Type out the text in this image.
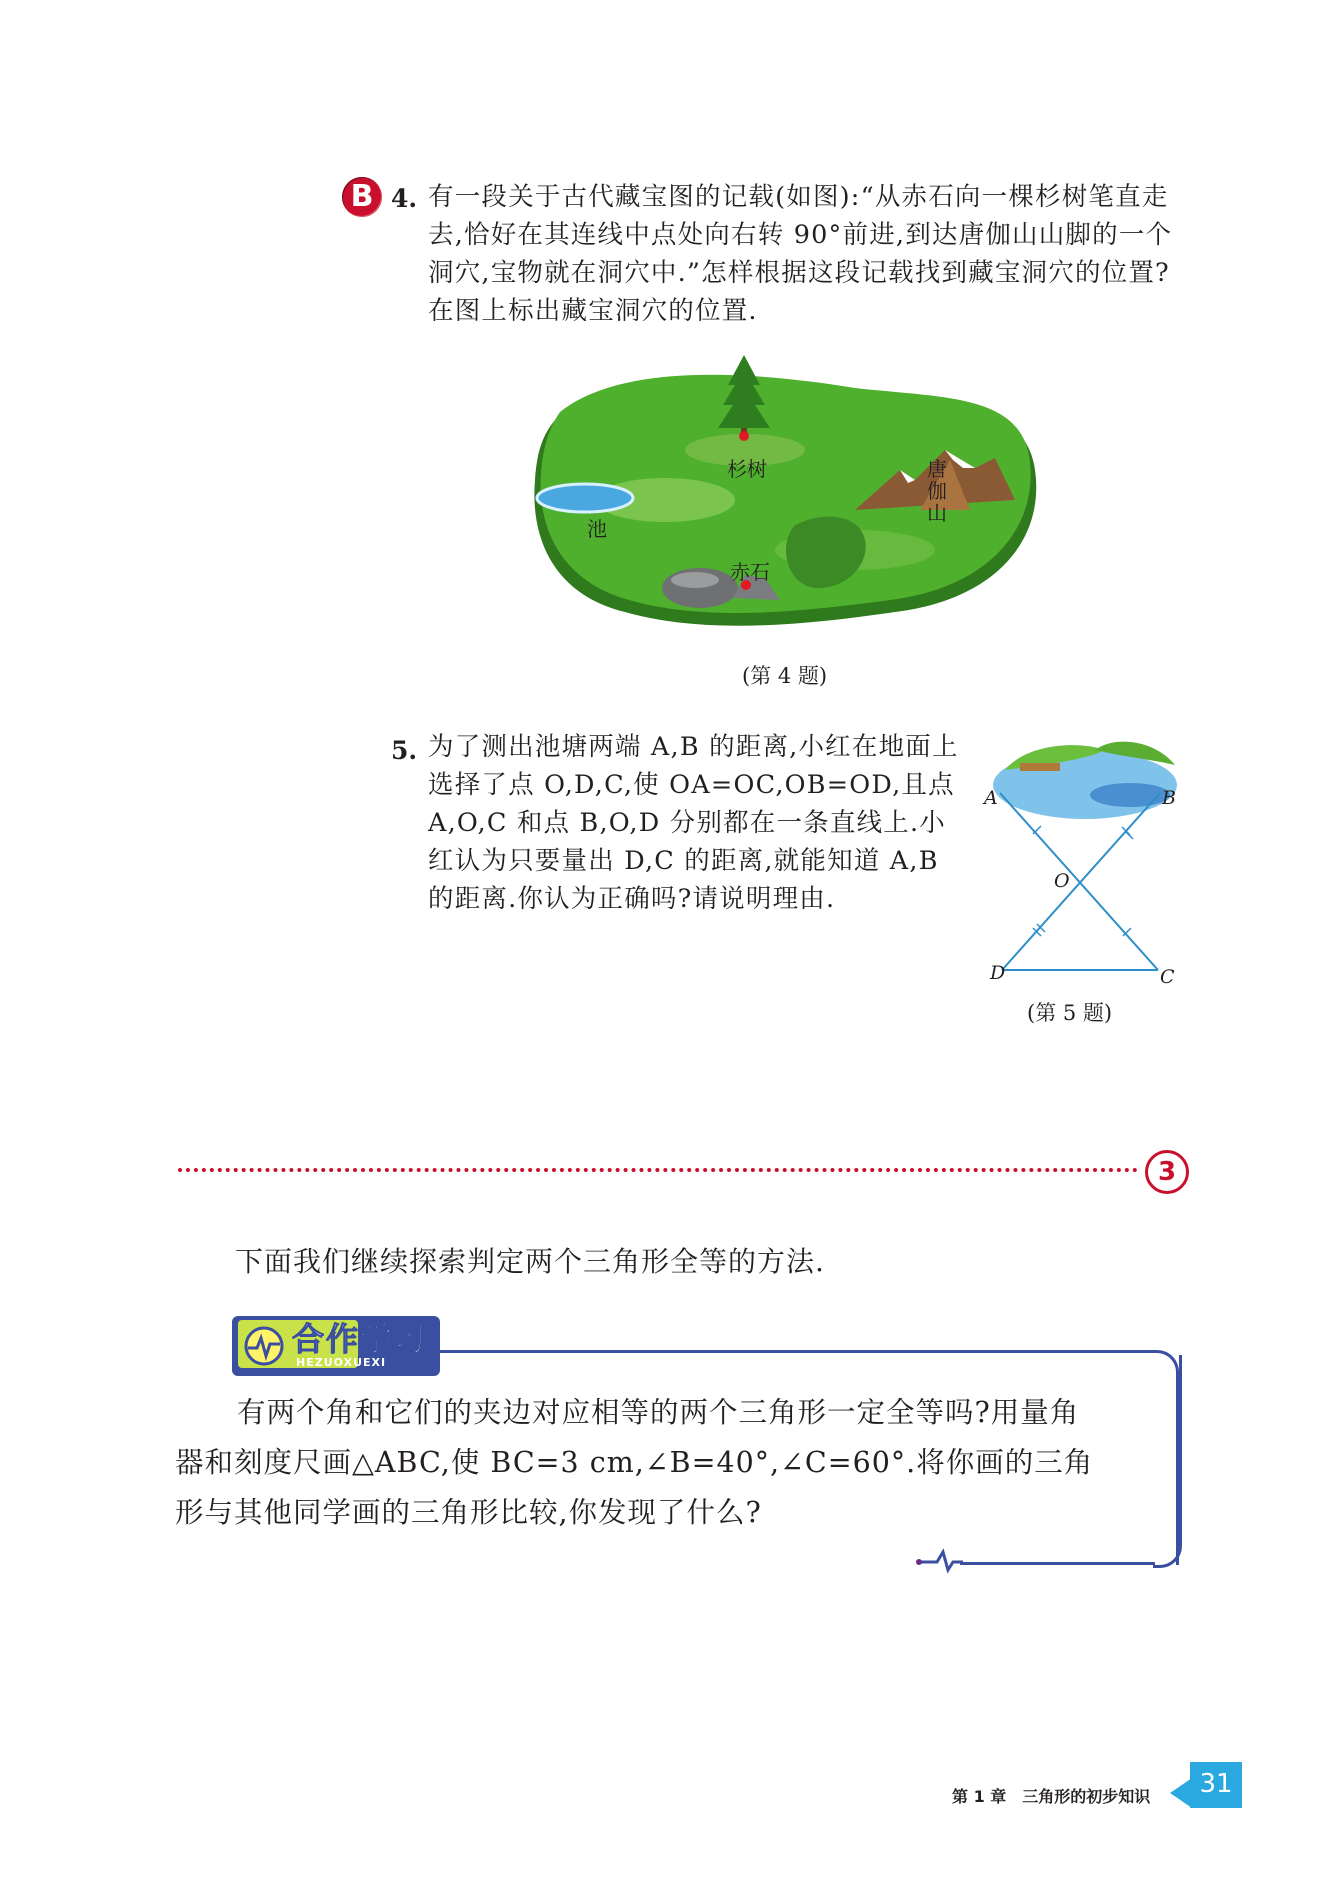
B 4. 有一段关于古代藏宝图的记载(如图):“从赤石向一棵杉树笔直走
去,恰好在其连线中点处向右转 90°前进,到达唐伽山山脚的一个
洞穴,宝物就在洞穴中.”怎样根据这段记载找到藏宝洞穴的位置?
在图上标出藏宝洞穴的位置.
杉树	唐
伽
山
池
赤石
(第 4 题)
5. 为了测出池塘两端 A,B 的距离,小红在地面上
选择了点 O,D,C,使 OA=OC,OB=OD,且点
A,O,C 和点 B,O,D 分别都在一条直线上.小
红认为只要量出 D,C 的距离,就能知道 A,B
的距离.你认为正确吗?请说明理由.
A	B
O
D	C
(第 5 题)
3
下面我们继续探索判定两个三角形全等的方法.
合作学习
HEZUOXUEXI
有两个角和它们的夹边对应相等的两个三角形一定全等吗?用量角
器和刻度尺画△ABC,使 BC=3 cm,∠B=40°,∠C=60°.将你画的三角
形与其他同学画的三角形比较,你发现了什么?
第 1 章　三角形的初步知识	31
